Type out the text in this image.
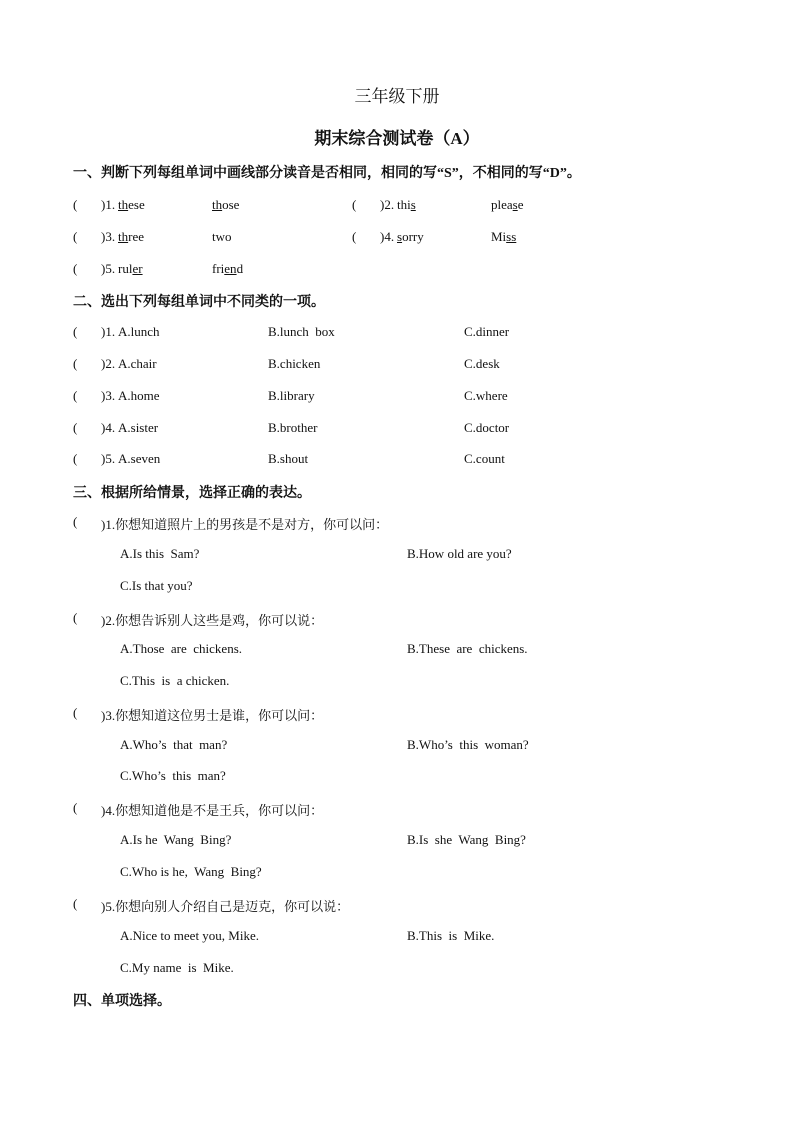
三年级下册
期末综合测试卷（A）
一、判断下列每组单词中画线部分读音是否相同，相同的写“S”，不相同的写“D”。
( )1. these	those	( )2. this	please
( )3. three	two	( )4. sorry	Miss
( )5. ruler	friend
二、选出下列每组单词中不同类的一项。
( )1. A.lunch	B.lunch  box	C.dinner
( )2. A.chair	B.chicken	C.desk
( )3. A.home	B.library	C.where
( )4. A.sister	B.brother	C.doctor
( )5. A.seven	B.shout	C.count
三、根据所给情景，选择正确的表达。
( )1.你想知道照片上的男孩是不是对方，你可以问：
A.Is this  Sam?	B.How old are you?
C.Is that you?
( )2.你想告诉别人这些是鸡，你可以说：
A.Those  are  chickens.	B.These  are  chickens.
C.This  is  a chicken.
( )3.你想知道这位男士是谁，你可以问：
A.Who’s  that  man?	B.Who’s  this  woman?
C.Who’s  this  man?
( )4.你想知道他是不是王兵，你可以问：
A.Is he  Wang  Bing?	B.Is  she  Wang  Bing?
C.Who is he,  Wang  Bing?
( )5.你想向别人介绍自己是迈克，你可以说：
A.Nice to meet you, Mike.	B.This  is  Mike.
C.My name  is  Mike.
四、单项选择。
